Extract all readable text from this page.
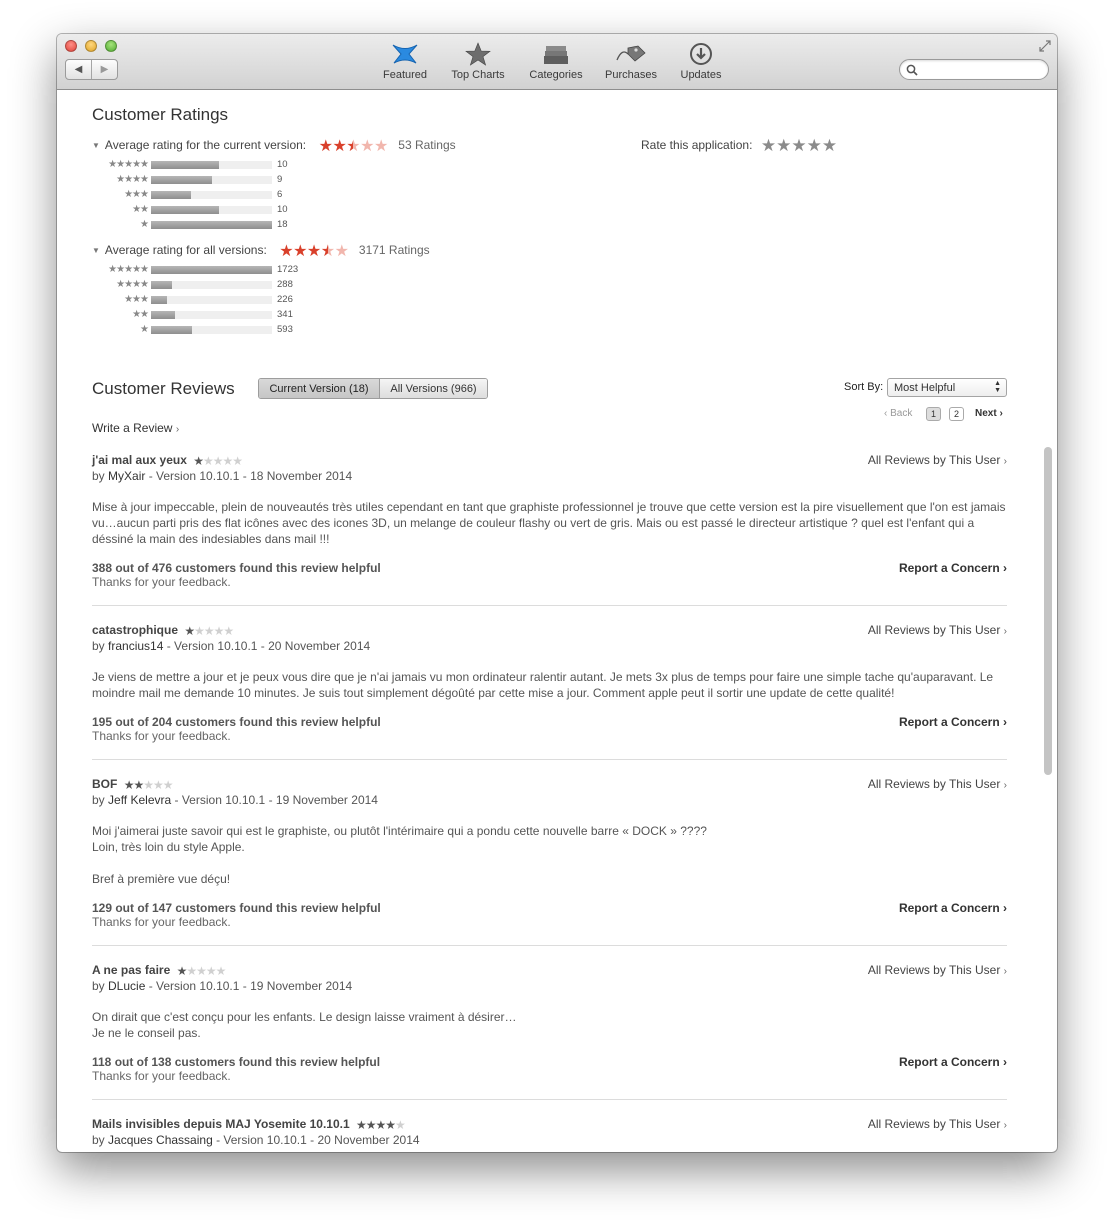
◀	▶	Featured	Top Charts	Categories	Purchases	Updates
Customer Ratings
▼ Average rating for the current version: ★★★★★ 53 Ratings
★★★★★	10
★★★★	9
★★★	6
★★	10
★	18
▼ Average rating for all versions: ★★★★★ 3171 Ratings
★★★★★	1723
★★★★	288
★★★	226
★★	341
★	593
Rate this application: ★★★★★
Customer Reviews	Current Version (18)	All Versions (966)	Sort By: Most Helpful	▲
▼
‹ Back	1	2	Next ›
Write a Review ›
j'ai mal aux yeux ★★★★★
by MyXair - Version 10.10.1 - 18 November 2014
Mise à jour impeccable, plein de nouveautés très utiles cependant en tant que graphiste professionnel je trouve que cette version est la pire visuellement que l'on est jamais vu…aucun parti pris des flat icônes avec des icones 3D, un melange de couleur flashy ou vert de gris. Mais ou est passé le directeur artistique ? quel est l'enfant qui a déssiné la main des indesiables dans mail !!!
388 out of 476 customers found this review helpful
Thanks for your feedback.
All Reviews by This User ›
Report a Concern ›
catastrophique ★★★★★
by francius14 - Version 10.10.1 - 20 November 2014
Je viens de mettre a jour et je peux vous dire que je n'ai jamais vu mon ordinateur ralentir autant. Je mets 3x plus de temps pour faire une simple tache qu'auparavant. Le moindre mail me demande 10 minutes. Je suis tout simplement dégoûté par cette mise a jour. Comment apple peut il sortir une update de cette qualité!
195 out of 204 customers found this review helpful
Thanks for your feedback.
All Reviews by This User ›
Report a Concern ›
BOF ★★★★★
by Jeff Kelevra - Version 10.10.1 - 19 November 2014
Moi j'aimerai juste savoir qui est le graphiste, ou plutôt l'intérimaire qui a pondu cette nouvelle barre « DOCK » ????
Loin, très loin du style Apple.
Bref à première vue déçu!
129 out of 147 customers found this review helpful
Thanks for your feedback.
All Reviews by This User ›
Report a Concern ›
A ne pas faire ★★★★★
by DLucie - Version 10.10.1 - 19 November 2014
On dirait que c'est conçu pour les enfants. Le design laisse vraiment à désirer…
Je ne le conseil pas.
118 out of 138 customers found this review helpful
Thanks for your feedback.
All Reviews by This User ›
Report a Concern ›
Mails invisibles depuis MAJ Yosemite 10.10.1 ★★★★★
by Jacques Chassaing - Version 10.10.1 - 20 November 2014
All Reviews by This User ›
